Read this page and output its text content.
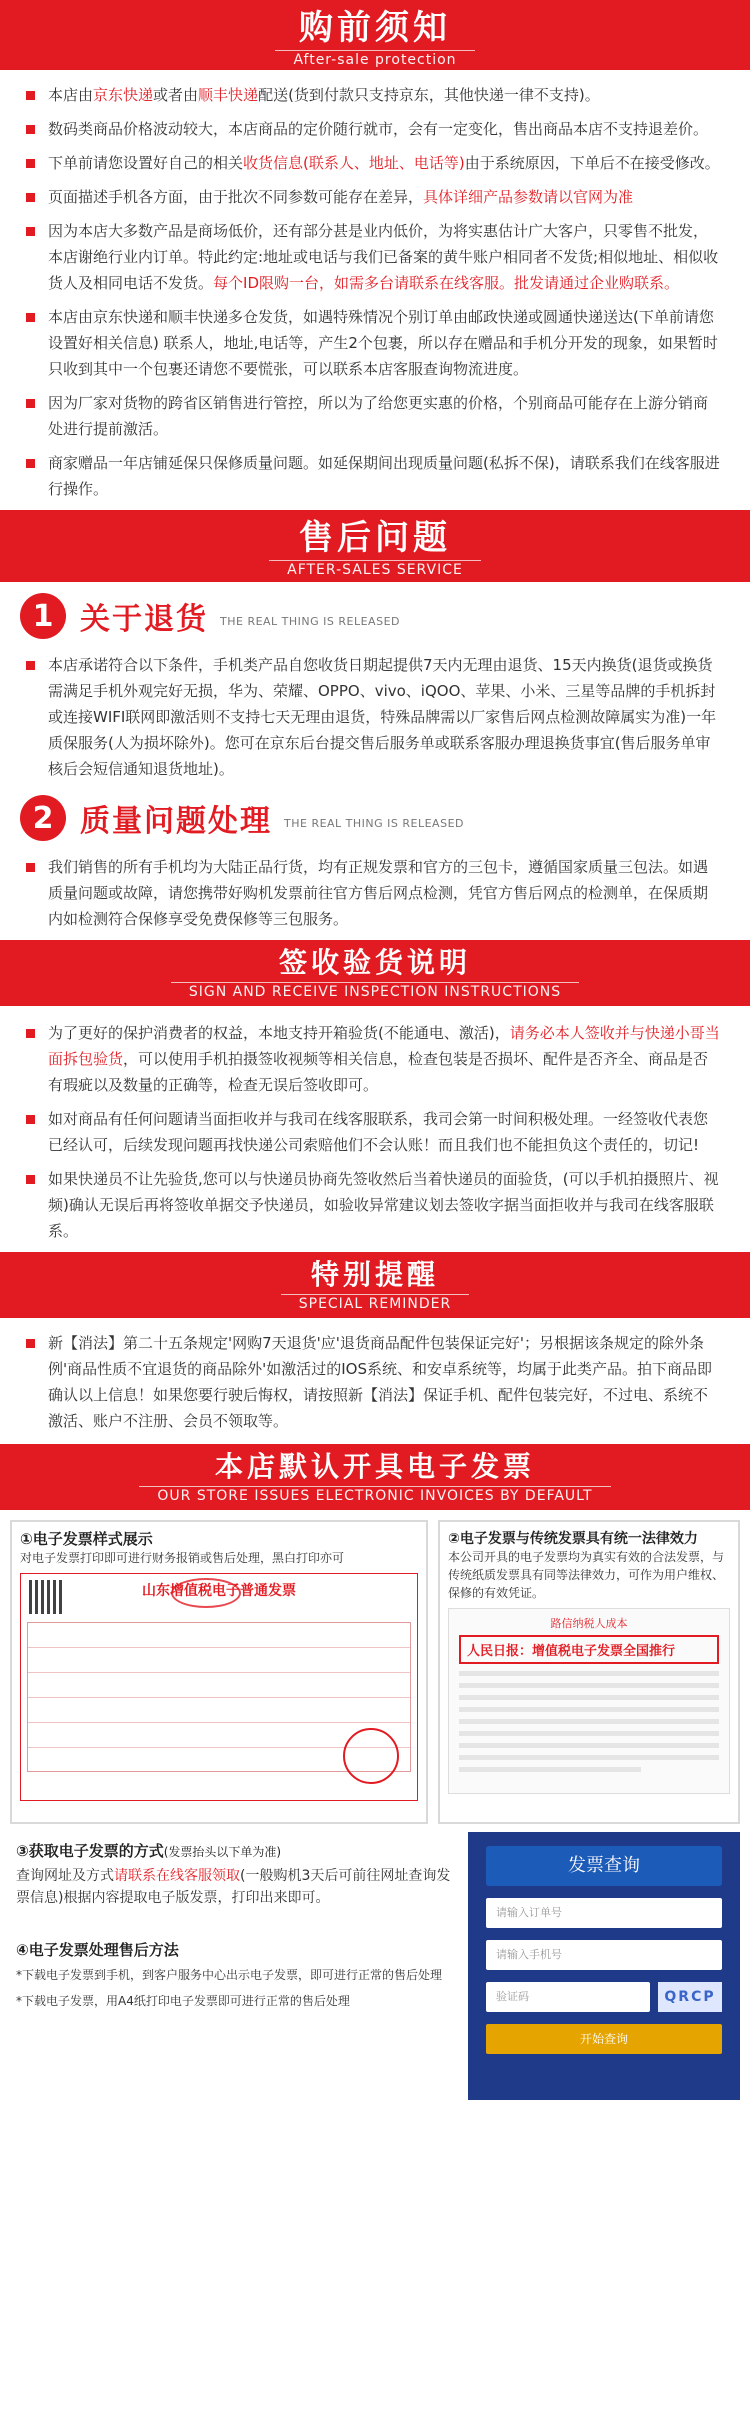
购前须知
After-sale protection
本店由京东快递或者由顺丰快递配送(货到付款只支持京东，其他快递一律不支持)。
数码类商品价格波动较大，本店商品的定价随行就市，会有一定变化，售出商品本店不支持退差价。
下单前请您设置好自己的相关收货信息(联系人、地址、电话等)由于系统原因，下单后不在接受修改。
页面描述手机各方面，由于批次不同参数可能存在差异，具体详细产品参数请以官网为准
因为本店大多数产品是商场低价，还有部分甚是业内低价，为将实惠估计广大客户，只零售不批发，本店谢绝行业内订单。特此约定:地址或电话与我们已备案的黄牛账户相同者不发货;相似地址、相似收货人及相同电话不发货。每个ID限购一台，如需多台请联系在线客服。批发请通过企业购联系。
本店由京东快递和顺丰快递多仓发货，如遇特殊情况个别订单由邮政快递或圆通快递送达(下单前请您设置好相关信息) 联系人，地址,电话等，产生2个包裹，所以存在赠品和手机分开发的现象，如果暂时只收到其中一个包裹还请您不要慌张，可以联系本店客服查询物流进度。
因为厂家对货物的跨省区销售进行管控，所以为了给您更实惠的价格，个别商品可能存在上游分销商处进行提前激活。
商家赠品一年店铺延保只保修质量问题。如延保期间出现质量问题(私拆不保)，请联系我们在线客服进行操作。
售后问题
AFTER-SALES SERVICE
1 关于退货 THE REAL THING IS RELEASED
本店承诺符合以下条件，手机类产品自您收货日期起提供7天内无理由退货、15天内换货(退货或换货需满足手机外观完好无损，华为、荣耀、OPPO、vivo、iQOO、苹果、小米、三星等品牌的手机拆封或连接WIFI联网即激活则不支持七天无理由退货，特殊品牌需以厂家售后网点检测故障属实为准)一年质保服务(人为损坏除外)。您可在京东后台提交售后服务单或联系客服办理退换货事宜(售后服务单审核后会短信通知退货地址)。
2 质量问题处理 THE REAL THING IS RELEASED
我们销售的所有手机均为大陆正品行货，均有正规发票和官方的三包卡，遵循国家质量三包法。如遇质量问题或故障，请您携带好购机发票前往官方售后网点检测，凭官方售后网点的检测单，在保质期内如检测符合保修享受免费保修等三包服务。
签收验货说明
SIGN AND RECEIVE INSPECTION INSTRUCTIONS
为了更好的保护消费者的权益，本地支持开箱验货(不能通电、激活)，请务必本人签收并与快递小哥当面拆包验货，可以使用手机拍摄签收视频等相关信息，检查包装是否损坏、配件是否齐全、商品是否有瑕疵以及数量的正确等，检查无误后签收即可。
如对商品有任何问题请当面拒收并与我司在线客服联系，我司会第一时间积极处理。一经签收代表您已经认可，后续发现问题再找快递公司索赔他们不会认账！而且我们也不能担负这个责任的，切记!
如果快递员不让先验货,您可以与快递员协商先签收然后当着快递员的面验货，(可以手机拍摄照片、视频)确认无误后再将签收单据交予快递员，如验收异常建议划去签收字据当面拒收并与我司在线客服联系。
特别提醒
SPECIAL REMINDER
新【消法】第二十五条规定'网购7天退货'应'退货商品配件包装保证完好'；另根据该条规定的除外条例'商品性质不宜退货的商品除外'如激活过的IOS系统、和安卓系统等，均属于此类产品。拍下商品即确认以上信息！如果您要行驶后悔权，请按照新【消法】保证手机、配件包装完好，不过电、系统不激活、账户不注册、会员不领取等。
本店默认开具电子发票
OUR STORE ISSUES ELECTRONIC INVOICES BY DEFAULT
①电子发票样式展示
对电子发票打印即可进行财务报销或售后处理，黑白打印亦可
山东增值税电子普通发票
②电子发票与传统发票具有统一法律效力
本公司开具的电子发票均为真实有效的合法发票，与传统纸质发票具有同等法律效力，可作为用户维权、保修的有效凭证。
路信纳税人成本
人民日报：增值税电子发票全国推行
③获取电子发票的方式(发票抬头以下单为准)
查询网址及方式请联系在线客服领取(一般购机3天后可前往网址查询发票信息)根据内容提取电子版发票，打印出来即可。
④电子发票处理售后方法
*下载电子发票到手机，到客户服务中心出示电子发票，即可进行正常的售后处理
*下载电子发票，用A4纸打印电子发票即可进行正常的售后处理
发票查询
请输入订单号
请输入手机号
验证码	QRCP
开始查询
